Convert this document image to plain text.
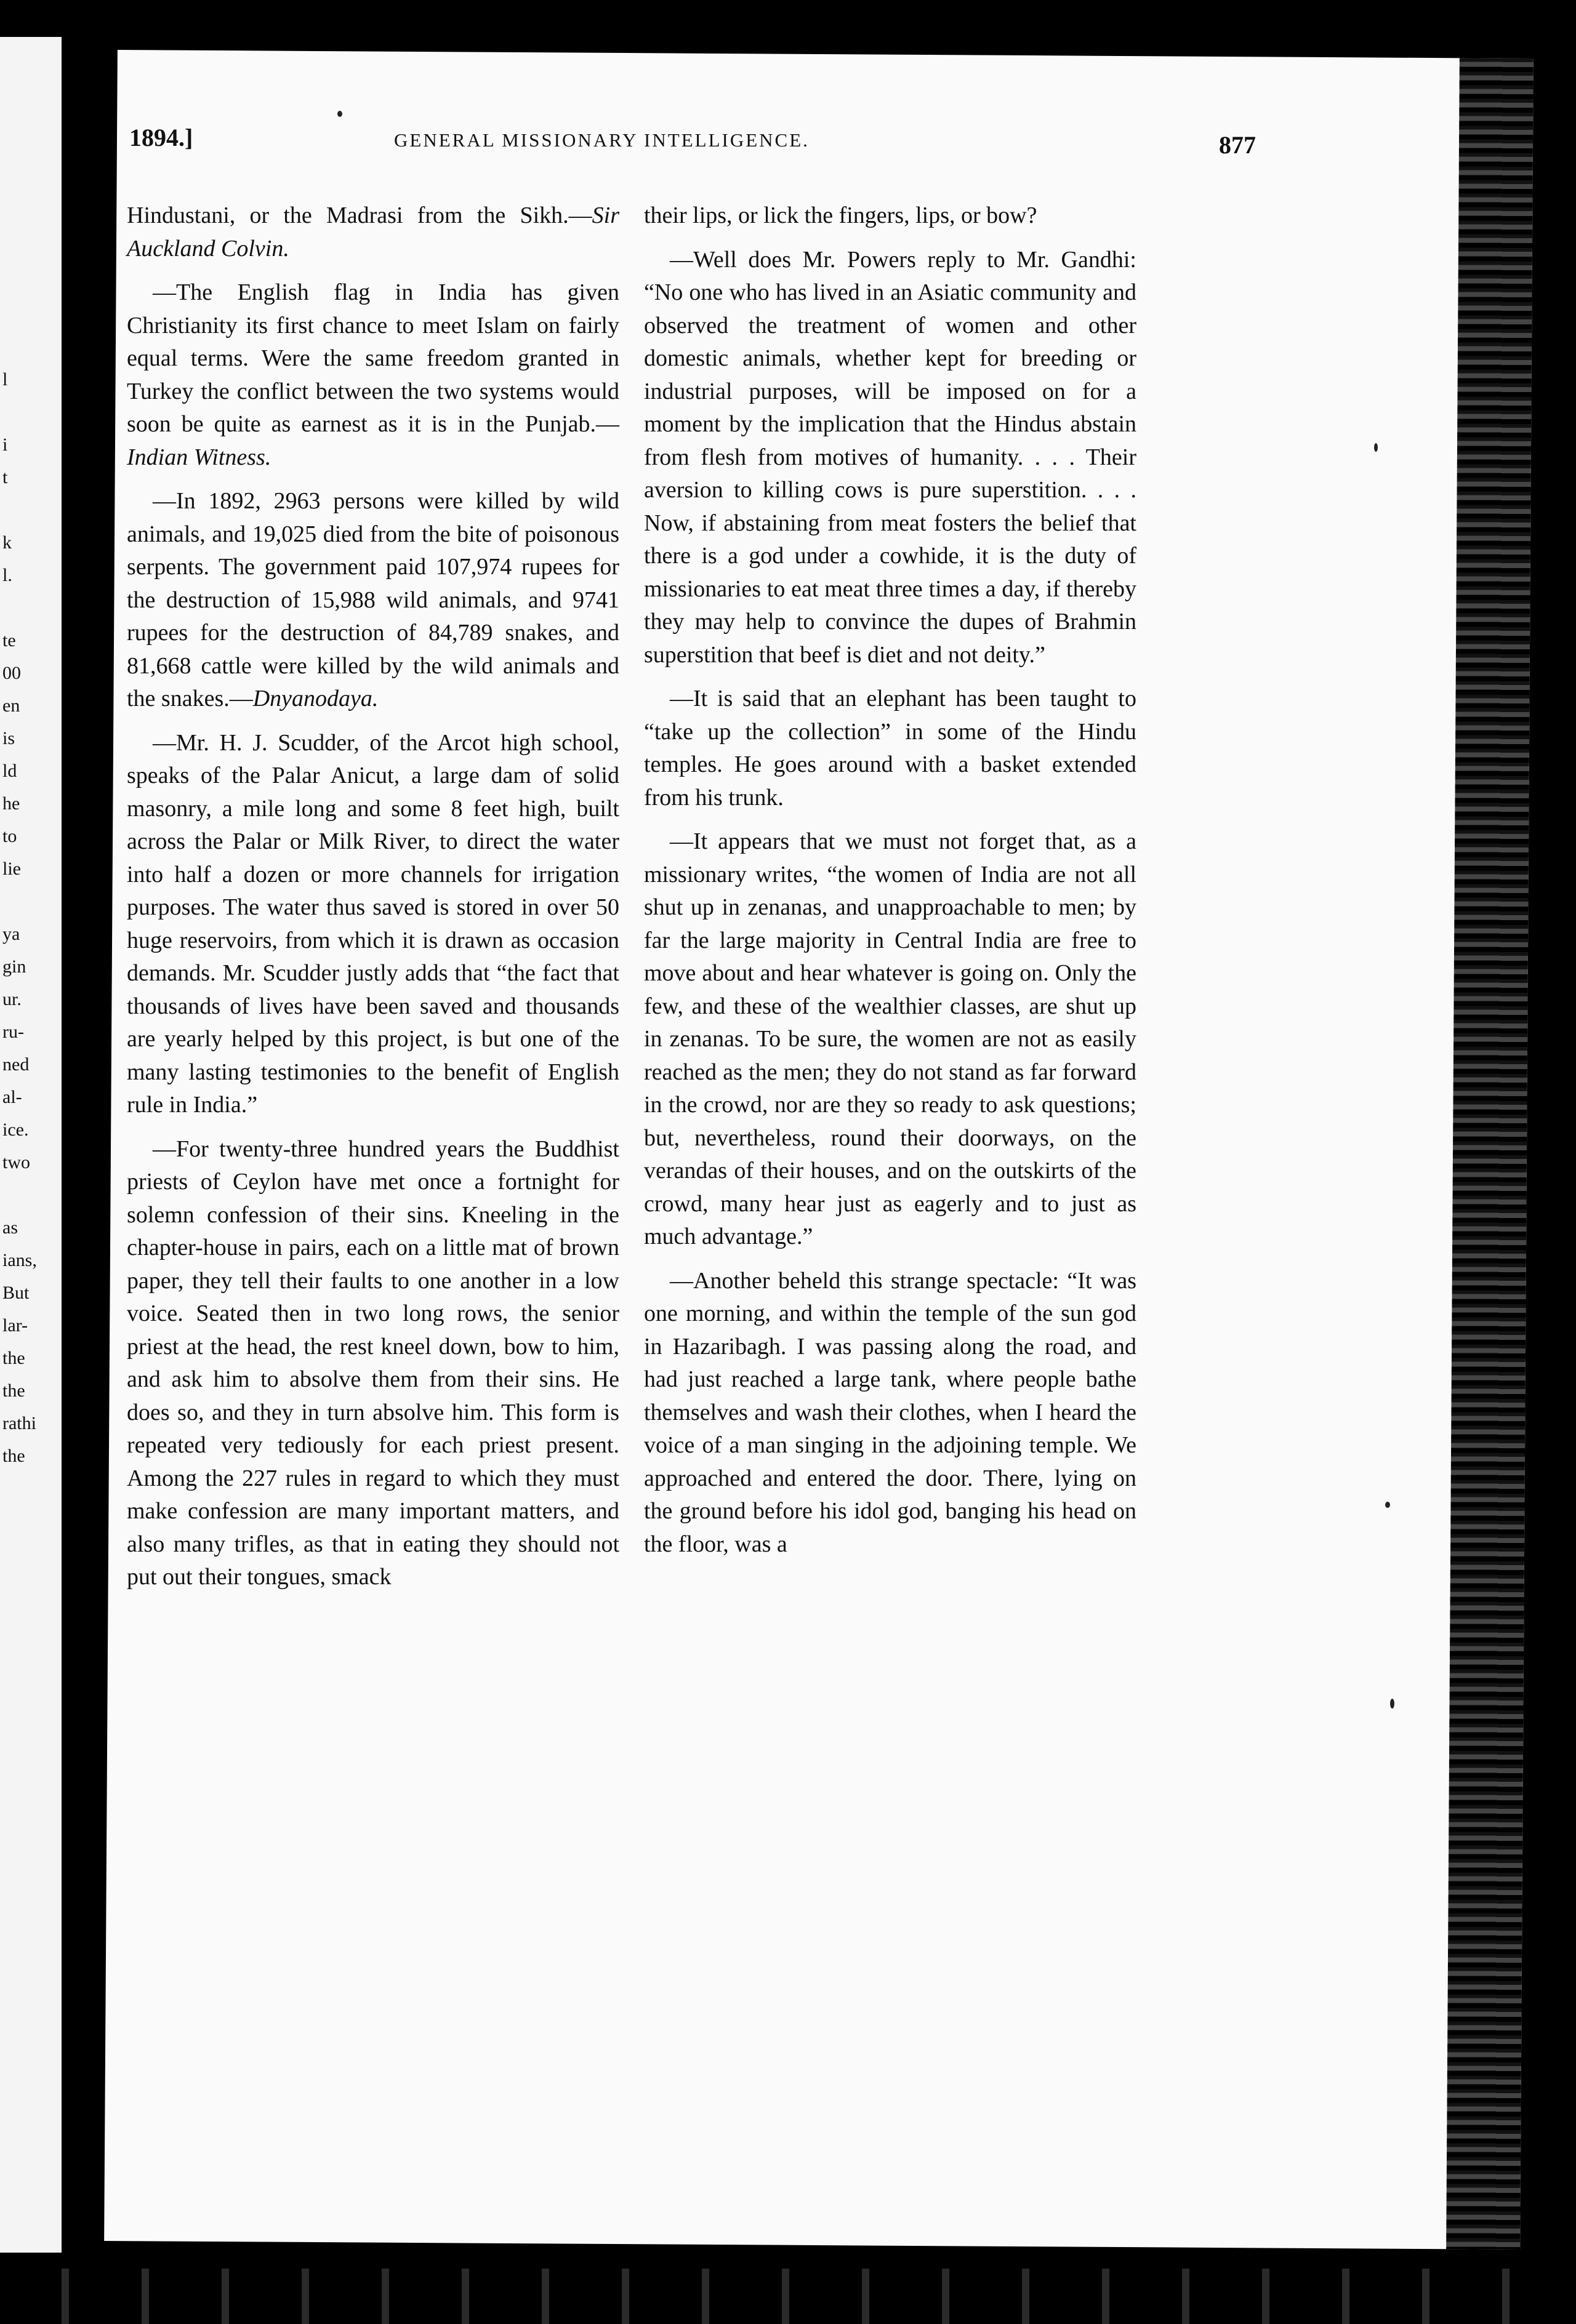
l

i
t

k
l.

te
00
en
is
ld
he
to
lie

ya
gin
ur.
ru-
ned
al-
ice.
two

as
ians,
But
lar-
the
the
rathi
the
1894.]	GENERAL MISSIONARY INTELLIGENCE.	877

Hindustani, or the Madrasi from the Sikh.—Sir Auckland Colvin.

—The English flag in India has given Christianity its first chance to meet Islam on fairly equal terms. Were the same freedom granted in Turkey the conflict between the two systems would soon be quite as earnest as it is in the Punjab.—Indian Witness.

—In 1892, 2963 persons were killed by wild animals, and 19,025 died from the bite of poisonous serpents. The government paid 107,974 rupees for the destruction of 15,988 wild animals, and 9741 rupees for the destruction of 84,789 snakes, and 81,668 cattle were killed by the wild animals and the snakes.—Dnyanodaya.

—Mr. H. J. Scudder, of the Arcot high school, speaks of the Palar Anicut, a large dam of solid masonry, a mile long and some 8 feet high, built across the Palar or Milk River, to direct the water into half a dozen or more channels for irrigation purposes. The water thus saved is stored in over 50 huge reservoirs, from which it is drawn as occasion demands. Mr. Scudder justly adds that “the fact that thousands of lives have been saved and thousands are yearly helped by this project, is but one of the many lasting testimonies to the benefit of English rule in India.”

—For twenty-three hundred years the Buddhist priests of Ceylon have met once a fortnight for solemn confession of their sins. Kneeling in the chapter-house in pairs, each on a little mat of brown paper, they tell their faults to one another in a low voice. Seated then in two long rows, the senior priest at the head, the rest kneel down, bow to him, and ask him to absolve them from their sins. He does so, and they in turn absolve him. This form is repeated very tediously for each priest present. Among the 227 rules in regard to which they must make confession are many important matters, and also many trifles, as that in eating they should not put out their tongues, smack

their lips, or lick the fingers, lips, or bow?

—Well does Mr. Powers reply to Mr. Gandhi: “No one who has lived in an Asiatic community and observed the treatment of women and other domestic animals, whether kept for breeding or industrial purposes, will be imposed on for a moment by the implication that the Hindus abstain from flesh from motives of humanity. . . . Their aversion to killing cows is pure superstition. . . . Now, if abstaining from meat fosters the belief that there is a god under a cowhide, it is the duty of missionaries to eat meat three times a day, if thereby they may help to convince the dupes of Brahmin superstition that beef is diet and not deity.”

—It is said that an elephant has been taught to “take up the collection” in some of the Hindu temples. He goes around with a basket extended from his trunk.

—It appears that we must not forget that, as a missionary writes, “the women of India are not all shut up in zenanas, and unapproachable to men; by far the large majority in Central India are free to move about and hear whatever is going on. Only the few, and these of the wealthier classes, are shut up in zenanas. To be sure, the women are not as easily reached as the men; they do not stand as far forward in the crowd, nor are they so ready to ask questions; but, nevertheless, round their doorways, on the verandas of their houses, and on the outskirts of the crowd, many hear just as eagerly and to just as much advantage.”

—Another beheld this strange spectacle: “It was one morning, and within the temple of the sun god in Hazaribagh. I was passing along the road, and had just reached a large tank, where people bathe themselves and wash their clothes, when I heard the voice of a man singing in the adjoining temple. We approached and entered the door. There, lying on the ground before his idol god, banging his head on the floor, was a
